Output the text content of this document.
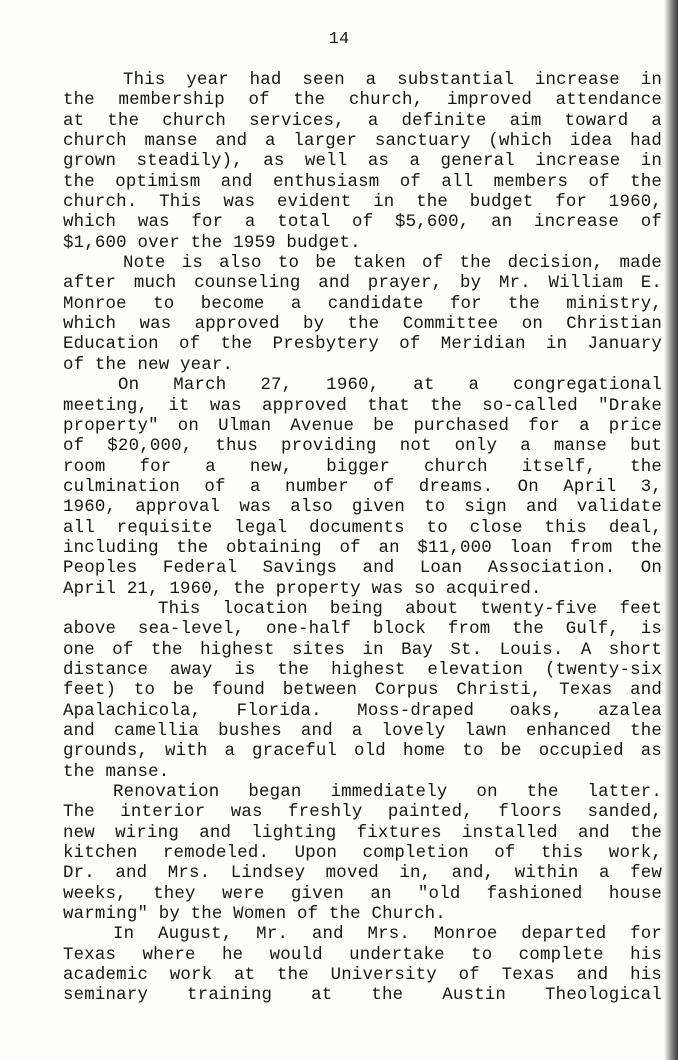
14
This year had seen a substantial increase in
the membership of the church, improved attendance
at the church services, a definite aim toward a
church manse and a larger sanctuary (which idea had
grown steadily), as well as a general increase in
the optimism and enthusiasm of all members of the
church. This was evident in the budget for 1960,
which was for a total of $5,600, an increase of
$1,600 over the 1959 budget.
Note is also to be taken of the decision, made
after much counseling and prayer, by Mr. William E.
Monroe to become a candidate for the ministry,
which was approved by the Committee on Christian
Education of the Presbytery of Meridian in January
of the new year.
On March 27, 1960, at a congregational
meeting, it was approved that the so-called "Drake
property" on Ulman Avenue be purchased for a price
of $20,000, thus providing not only a manse but
room for a new, bigger church itself, the
culmination of a number of dreams. On April 3,
1960, approval was also given to sign and validate
all requisite legal documents to close this deal,
including the obtaining of an $11,000 loan from the
Peoples Federal Savings and Loan Association. On
April 21, 1960, the property was so acquired.
This location being about twenty-five feet
above sea-level, one-half block from the Gulf, is
one of the highest sites in Bay St. Louis. A short
distance away is the highest elevation (twenty-six
feet) to be found between Corpus Christi, Texas and
Apalachicola, Florida. Moss-draped oaks, azalea
and camellia bushes and a lovely lawn enhanced the
grounds, with a graceful old home to be occupied as
the manse.
Renovation began immediately on the latter.
The interior was freshly painted, floors sanded,
new wiring and lighting fixtures installed and the
kitchen remodeled. Upon completion of this work,
Dr. and Mrs. Lindsey moved in, and, within a few
weeks, they were given an "old fashioned house
warming" by the Women of the Church.
In August, Mr. and Mrs. Monroe departed for
Texas where he would undertake to complete his
academic work at the University of Texas and his
seminary training at the Austin Theological
